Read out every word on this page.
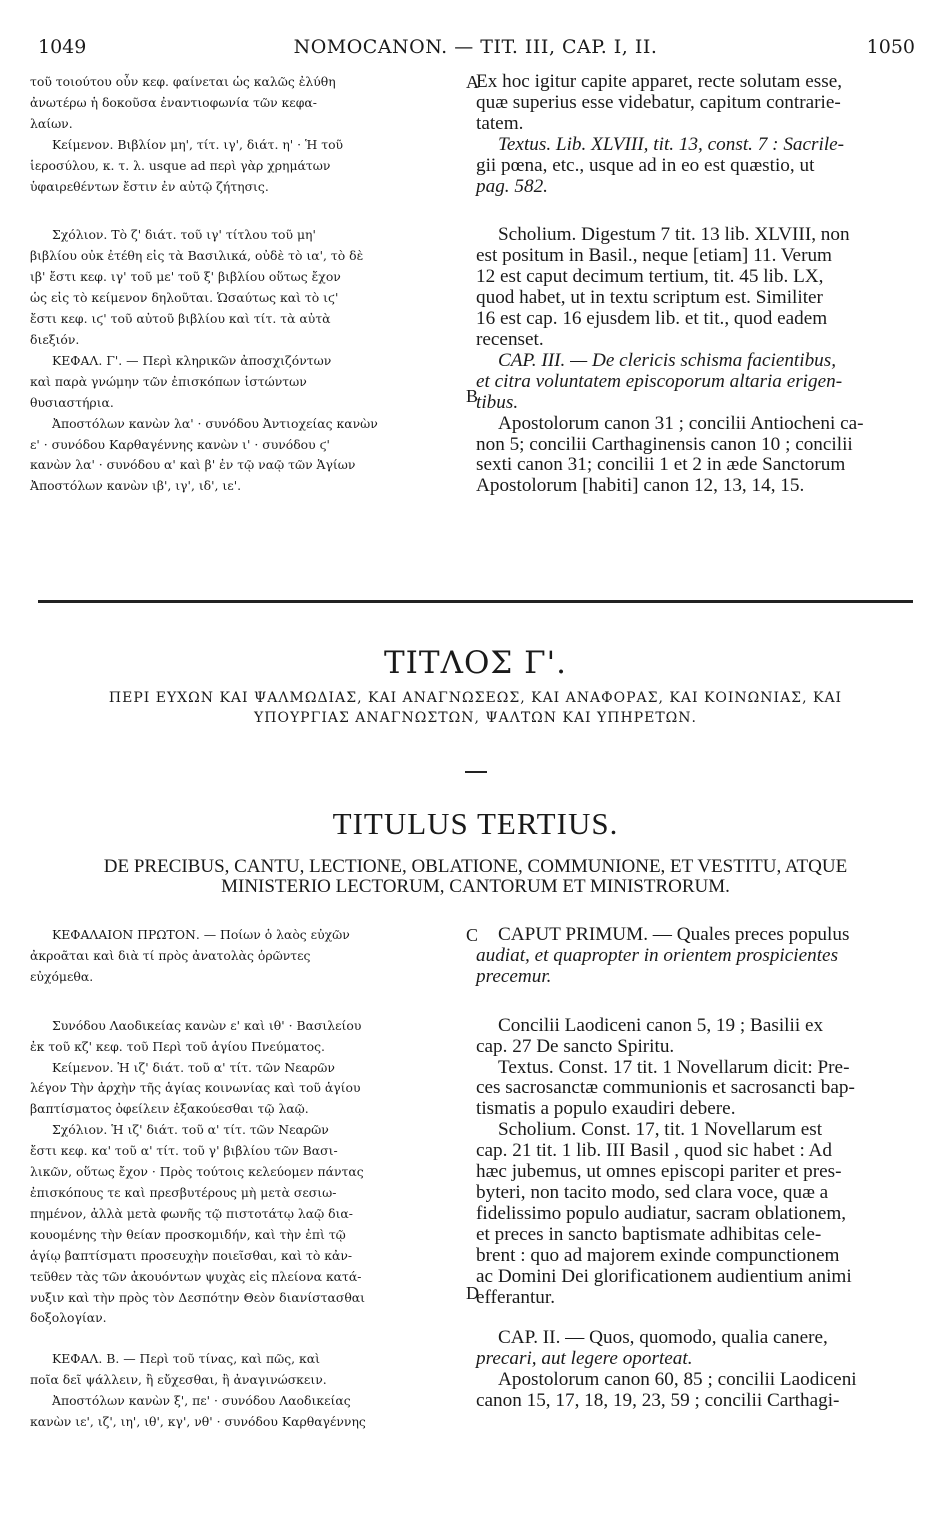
1049	NOMOCANON. — TIT. III, CAP. I, II.	1050

τοῦ τοιούτου οὖν κεφ. φαίνεται ὡς καλῶς ἐλύθη

ἀνωτέρω ἡ δοκοῦσα ἐναντιοφωνία τῶν κεφα-

λαίων.

Κείμενον. Βιβλίον μη', τίτ. ιγ', διάτ. η' · Ἡ τοῦ

ἱεροσύλου, κ. τ. λ. usque ad περὶ γὰρ χρημάτων

ὑφαιρεθέντων ἔστιν ἐν αὐτῷ ζήτησις.

Σχόλιον. Τὸ ζ' διάτ. τοῦ ιγ' τίτλου τοῦ μη'

βιβλίου οὐκ ἐτέθη εἰς τὰ Βασιλικά, οὐδὲ τὸ ια', τὸ δὲ

ιβ' ἔστι κεφ. ιγ' τοῦ με' τοῦ ξ' βιβλίου οὕτως ἔχον

ὡς εἰς τὸ κείμενον δηλοῦται. Ὡσαύτως καὶ τὸ ιϛ'

ἔστι κεφ. ιϛ' τοῦ αὐτοῦ βιβλίου καὶ τίτ. τὰ αὐτὰ

διεξιόν.

ΚΕΦΑΛ. Γ'. — Περὶ κληρικῶν ἀποσχιζόντων

καὶ παρὰ γνώμην τῶν ἐπισκόπων ἱστώντων

θυσιαστήρια.

Ἀποστόλων κανὼν λα' · συνόδου Ἀντιοχείας κανὼν

ε' · συνόδου Καρθαγέννης κανὼν ι' · συνόδου ϛ'

κανὼν λα' · συνόδου α' καὶ β' ἐν τῷ ναῷ τῶν Ἁγίων

Ἀποστόλων κανὼν ιβ', ιγ', ιδ', ιε'.

A
B

Ex hoc igitur capite apparet, recte solutam esse,

quæ superius esse videbatur, capitum contrarie-

tatem.

Textus. Lib. XLVIII, tit. 13, const. 7 : Sacrile-

gii pœna, etc., usque ad in eo est quæstio, ut

pag. 582.

Scholium. Digestum 7 tit. 13 lib. XLVIII, non

est positum in Basil., neque [etiam] 11. Verum

12 est caput decimum tertium, tit. 45 lib. LX,

quod habet, ut in textu scriptum est. Similiter

16 est cap. 16 ejusdem lib. et tit., quod eadem

recenset.

CAP. III. — De clericis schisma facientibus,

et citra voluntatem episcoporum altaria erigen-

tibus.

Apostolorum canon 31 ; concilii Antiocheni ca-

non 5; concilii Carthaginensis canon 10 ; concilii

sexti canon 31; concilii 1 et 2 in æde Sanctorum

Apostolorum [habiti] canon 12, 13, 14, 15.

ΤΙΤΛΟΣ Γ'.
ΠΕΡΙ ΕΥΧΩΝ ΚΑΙ ΨΑΛΜΩΔΙΑΣ, ΚΑΙ ΑΝΑΓΝΩΣΕΩΣ, ΚΑΙ ΑΝΑΦΟΡΑΣ, ΚΑΙ ΚΟΙΝΩΝΙΑΣ, ΚΑΙ
ΥΠΟΥΡΓΙΑΣ ΑΝΑΓΝΩΣΤΩΝ, ΨΑΛΤΩΝ ΚΑΙ ΥΠΗΡΕΤΩΝ.
TITULUS TERTIUS.
DE PRECIBUS, CANTU, LECTIONE, OBLATIONE, COMMUNIONE, ET VESTITU, ATQUE
MINISTERIO LECTORUM, CANTORUM ET MINISTRORUM.

ΚΕΦΑΛΑΙΟΝ ΠΡΩΤΟΝ. — Ποίων ὁ λαὸς εὐχῶν

ἀκροᾶται καὶ διὰ τί πρὸς ἀνατολὰς ὁρῶντες

εὐχόμεθα.

Συνόδου Λαοδικείας κανὼν ε' καὶ ιθ' · Βασιλείου

ἐκ τοῦ κζ' κεφ. τοῦ Περὶ τοῦ ἁγίου Πνεύματος.

Κείμενον. Ἡ ιζ' διάτ. τοῦ α' τίτ. τῶν Νεαρῶν

λέγον Τὴν ἀρχὴν τῆς ἁγίας κοινωνίας καὶ τοῦ ἁγίου

βαπτίσματος ὀφείλειν ἐξακούεσθαι τῷ λαῷ.

Σχόλιον. Ἡ ιζ' διάτ. τοῦ α' τίτ. τῶν Νεαρῶν

ἔστι κεφ. κα' τοῦ α' τίτ. τοῦ γ' βιβλίου τῶν Βασι-

λικῶν, οὕτως ἔχον · Πρὸς τούτοις κελεύομεν πάντας

ἐπισκόπους τε καὶ πρεσβυτέρους μὴ μετὰ σεσιω-

πημένον, ἀλλὰ μετὰ φωνῆς τῷ πιστοτάτῳ λαῷ δια-

κουομένης τὴν θείαν προσκομιδήν, καὶ τὴν ἐπὶ τῷ

ἁγίῳ βαπτίσματι προσευχὴν ποιεῖσθαι, καὶ τὸ κἀν-

τεῦθεν τὰς τῶν ἀκουόντων ψυχὰς εἰς πλείονα κατά-

νυξιν καὶ τὴν πρὸς τὸν Δεσπότην Θεὸν διανίστασθαι

δοξολογίαν.

ΚΕΦΑΛ. Β. — Περὶ τοῦ τίνας, καὶ πῶς, καὶ

ποῖα δεῖ ψάλλειν, ἢ εὔχεσθαι, ἢ ἀναγινώσκειν.

Ἀποστόλων κανὼν ξ', πε' · συνόδου Λαοδικείας

κανὼν ιε', ιζ', ιη', ιθ', κγ', νθ' · συνόδου Καρθαγέννης

C
D

CAPUT PRIMUM. — Quales preces populus

audiat, et quapropter in orientem prospicientes

precemur.

Concilii Laodiceni canon 5, 19 ; Basilii ex

cap. 27 De sancto Spiritu.

Textus. Const. 17 tit. 1 Novellarum dicit: Pre-

ces sacrosanctæ communionis et sacrosancti bap-

tismatis a populo exaudiri debere.

Scholium. Const. 17, tit. 1 Novellarum est

cap. 21 tit. 1 lib. III Basil , quod sic habet : Ad

hæc jubemus, ut omnes episcopi pariter et pres-

byteri, non tacito modo, sed clara voce, quæ a

fidelissimo populo audiatur, sacram oblationem,

et preces in sancto baptismate adhibitas cele-

brent : quo ad majorem exinde compunctionem

ac Domini Dei glorificationem audientium animi

efferantur.

CAP. II. — Quos, quomodo, qualia canere,

precari, aut legere oporteat.

Apostolorum canon 60, 85 ; concilii Laodiceni

canon 15, 17, 18, 19, 23, 59 ; concilii Carthagi-
